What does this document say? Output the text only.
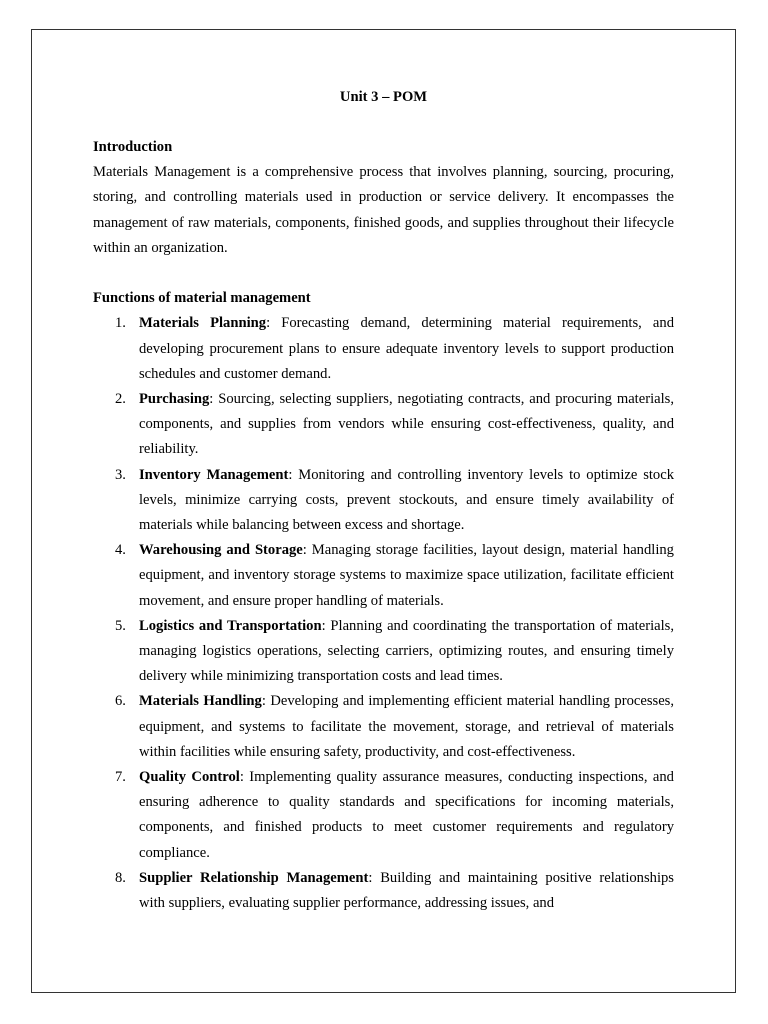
Unit 3 – POM
Introduction

Materials Management is a comprehensive process that involves planning, sourcing, procuring, storing, and controlling materials used in production or service delivery. It encompasses the management of raw materials, components, finished goods, and supplies throughout their lifecycle within an organization.

Functions of material management
1. Materials Planning: Forecasting demand, determining material requirements, and developing procurement plans to ensure adequate inventory levels to support production schedules and customer demand.
2. Purchasing: Sourcing, selecting suppliers, negotiating contracts, and procuring materials, components, and supplies from vendors while ensuring cost-effectiveness, quality, and reliability.
3. Inventory Management: Monitoring and controlling inventory levels to optimize stock levels, minimize carrying costs, prevent stockouts, and ensure timely availability of materials while balancing between excess and shortage.
4. Warehousing and Storage: Managing storage facilities, layout design, material handling equipment, and inventory storage systems to maximize space utilization, facilitate efficient movement, and ensure proper handling of materials.
5. Logistics and Transportation: Planning and coordinating the transportation of materials, managing logistics operations, selecting carriers, optimizing routes, and ensuring timely delivery while minimizing transportation costs and lead times.
6. Materials Handling: Developing and implementing efficient material handling processes, equipment, and systems to facilitate the movement, storage, and retrieval of materials within facilities while ensuring safety, productivity, and cost-effectiveness.
7. Quality Control: Implementing quality assurance measures, conducting inspections, and ensuring adherence to quality standards and specifications for incoming materials, components, and finished products to meet customer requirements and regulatory compliance.
8. Supplier Relationship Management: Building and maintaining positive relationships with suppliers, evaluating supplier performance, addressing issues, and
